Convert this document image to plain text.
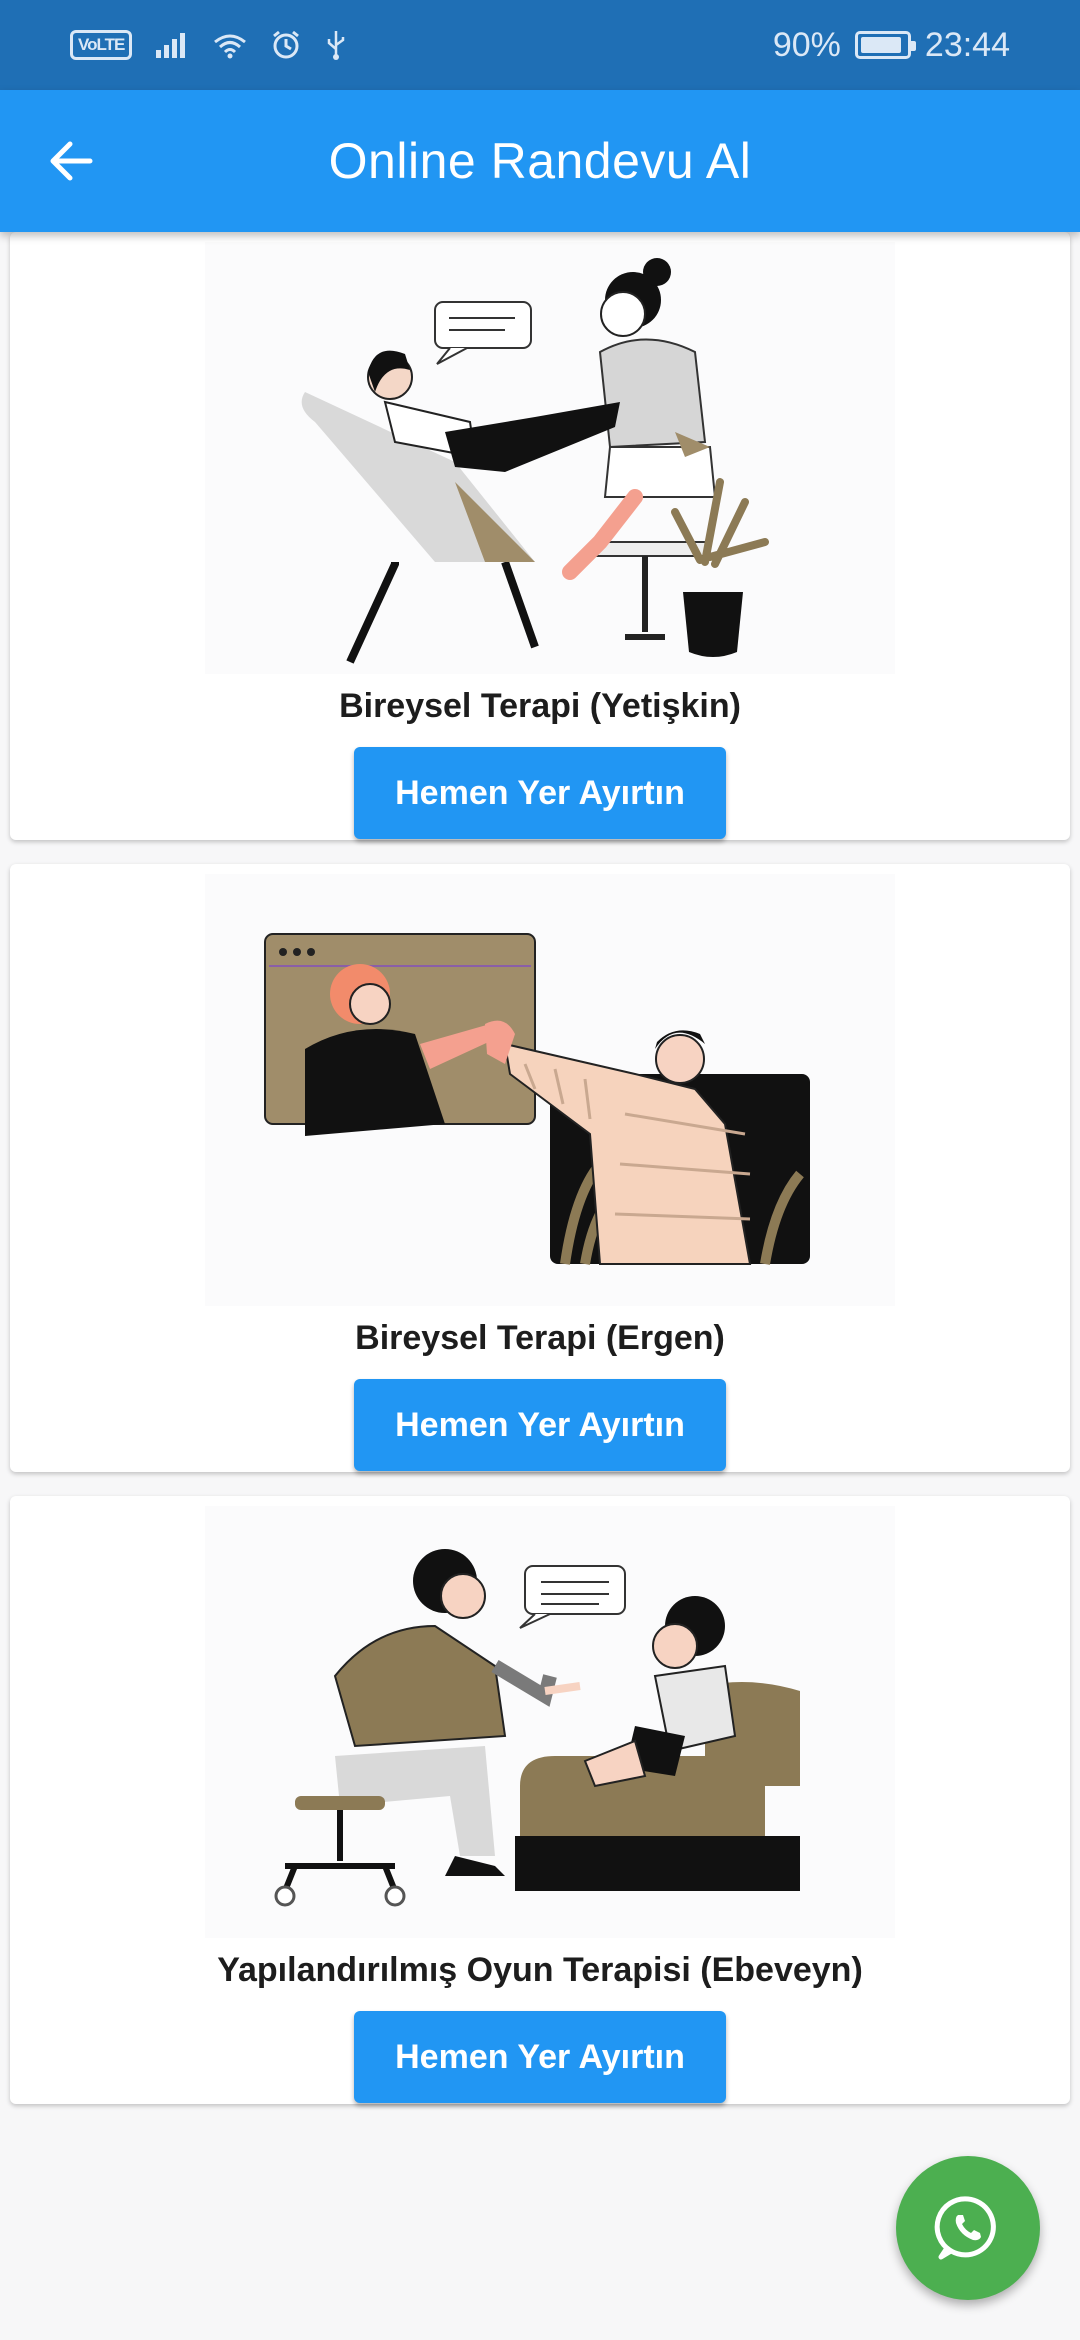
VoLTE	90% 23:44
Online Randevu Al
Bireysel Terapi (Yetişkin)
Hemen Yer Ayırtın
Bireysel Terapi (Ergen)
Hemen Yer Ayırtın
Yapılandırılmış Oyun Terapisi (Ebeveyn)
Hemen Yer Ayırtın
